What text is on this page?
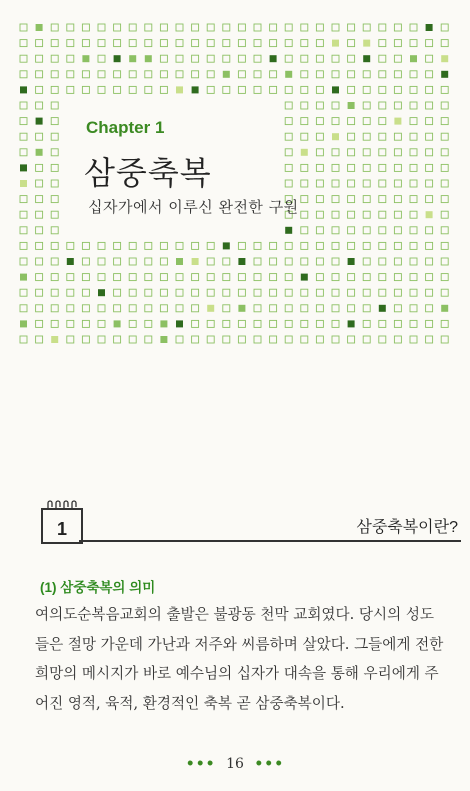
Chapter 1
삼중축복
십자가에서 이루신 완전한 구원
1	삼중축복이란?
(1) 삼중축복의 의미
여의도순복음교회의 출발은 불광동 천막 교회였다. 당시의 성도
들은 절망 가운데 가난과 저주와 씨름하며 살았다. 그들에게 전한
희망의 메시지가 바로 예수님의 십자가 대속을 통해 우리에게 주
어진 영적, 육적, 환경적인 축복 곧 삼중축복이다.
••• 16 •••
